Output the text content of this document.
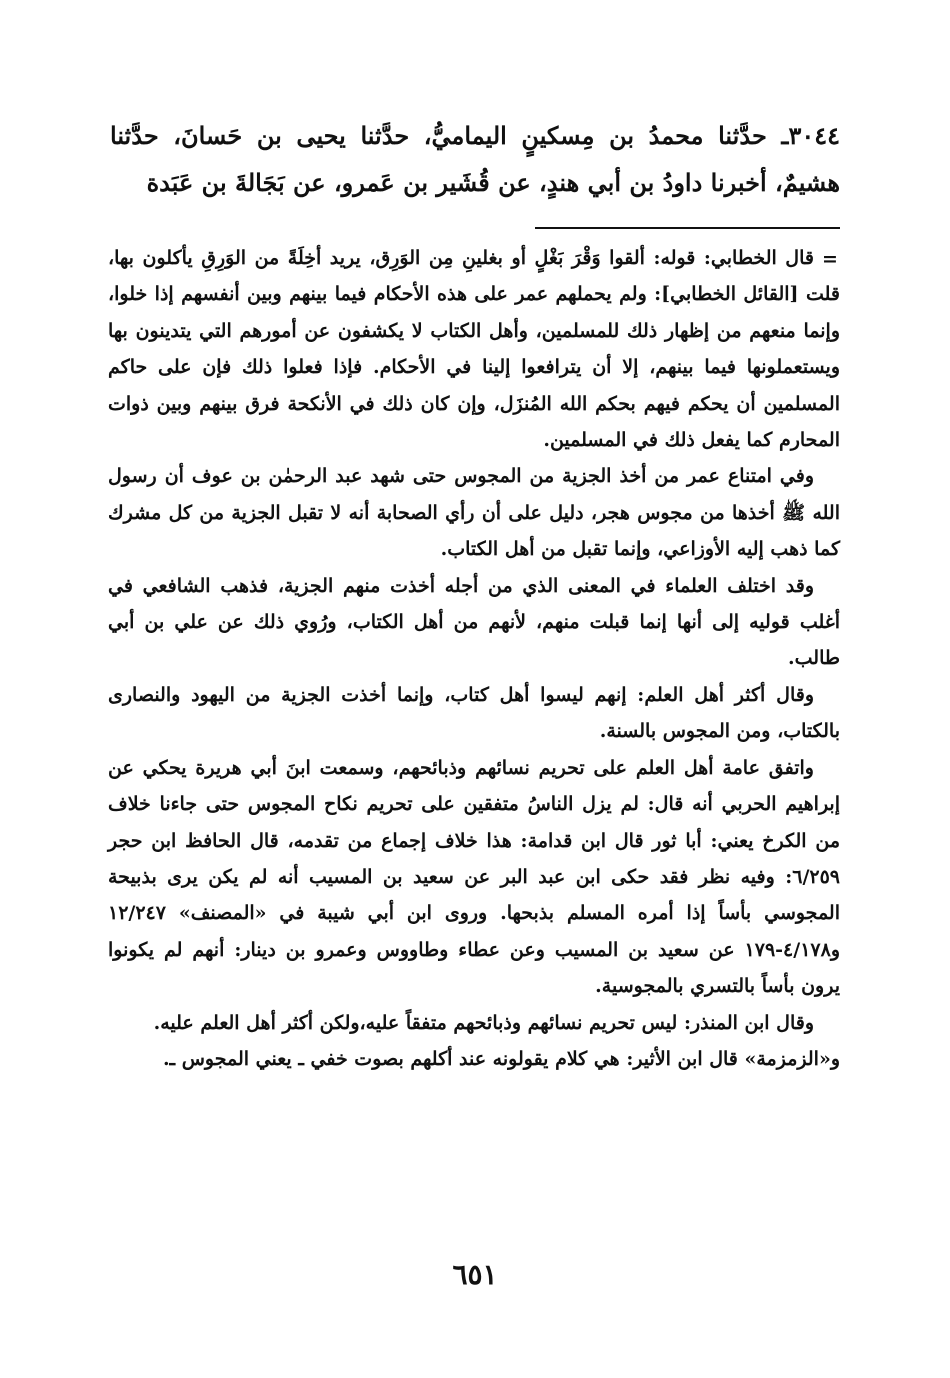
٣٠٤٤ـ حدَّثنا محمدُ بن مِسكينٍ اليماميُّ، حدَّثنا يحيى بن حَسانَ، حدَّثنا هشيمٌ، أخبرنا داودُ بن أبي هندٍ، عن قُشَير بن عَمرو، عن بَجَالةَ بن عَبَدة

=

قال الخطابي: قوله: ألقوا وَقْرَ بَغْلٍ أو بغلينِ مِن الوَرِق، يريد أخِلَةً من الوَرِقِ يأكلون بها، قلت [القائل الخطابي]: ولم يحملهم عمر على هذه الأحكام فيما بينهم وبين أنفسهم إذا خلوا، وإنما منعهم من إظهار ذلك للمسلمين، وأهل الكتاب لا يكشفون عن أمورهم التي يتدينون بها ويستعملونها فيما بينهم، إلا أن يترافعوا إلينا في الأحكام. فإذا فعلوا ذلك فإن على حاكم المسلمين أن يحكم فيهم بحكم الله المُنزَل، وإن كان ذلك في الأنكحة فرق بينهم وبين ذوات المحارم كما يفعل ذلك في المسلمين.

وفي امتناع عمر من أخذ الجزية من المجوس حتى شهد عبد الرحمٰن بن عوف أن رسول الله ﷺ أخذها من مجوس هجر، دليل على أن رأي الصحابة أنه لا تقبل الجزية من كل مشرك كما ذهب إليه الأوزاعي، وإنما تقبل من أهل الكتاب.

وقد اختلف العلماء في المعنى الذي من أجله أخذت منهم الجزية، فذهب الشافعي في أغلب قوليه إلى أنها إنما قبلت منهم، لأنهم من أهل الكتاب، ورُوي ذلك عن علي بن أبي طالب.

وقال أكثر أهل العلم: إنهم ليسوا أهل كتاب، وإنما أخذت الجزية من اليهود والنصارى بالكتاب، ومن المجوس بالسنة.

واتفق عامة أهل العلم على تحريم نسائهم وذبائحهم، وسمعت ابنَ أبي هريرة يحكي عن إبراهيم الحربي أنه قال: لم يزل الناسُ متفقين على تحريم نكاح المجوس حتى جاءنا خلاف من الكرخ يعني: أبا ثور قال ابن قدامة: هذا خلاف إجماع من تقدمه، قال الحافظ ابن حجر ٦/٢٥٩: وفيه نظر فقد حكى ابن عبد البر عن سعيد بن المسيب أنه لم يكن يرى بذبيحة المجوسي بأساً إذا أمره المسلم بذبحها. وروى ابن أبي شيبة في «المصنف» ١٢/٢٤٧ و٤/١٧٨-١٧٩ عن سعيد بن المسيب وعن عطاء وطاووس وعمرو بن دينار: أنهم لم يكونوا يرون بأساً بالتسري بالمجوسية.

وقال ابن المنذر: ليس تحريم نسائهم وذبائحهم متفقاً عليه،ولكن أكثر أهل العلم عليه.

و«الزمزمة» قال ابن الأثير: هي كلام يقولونه عند أكلهم بصوت خفي ـ يعني المجوس ـ.

٦٥١
